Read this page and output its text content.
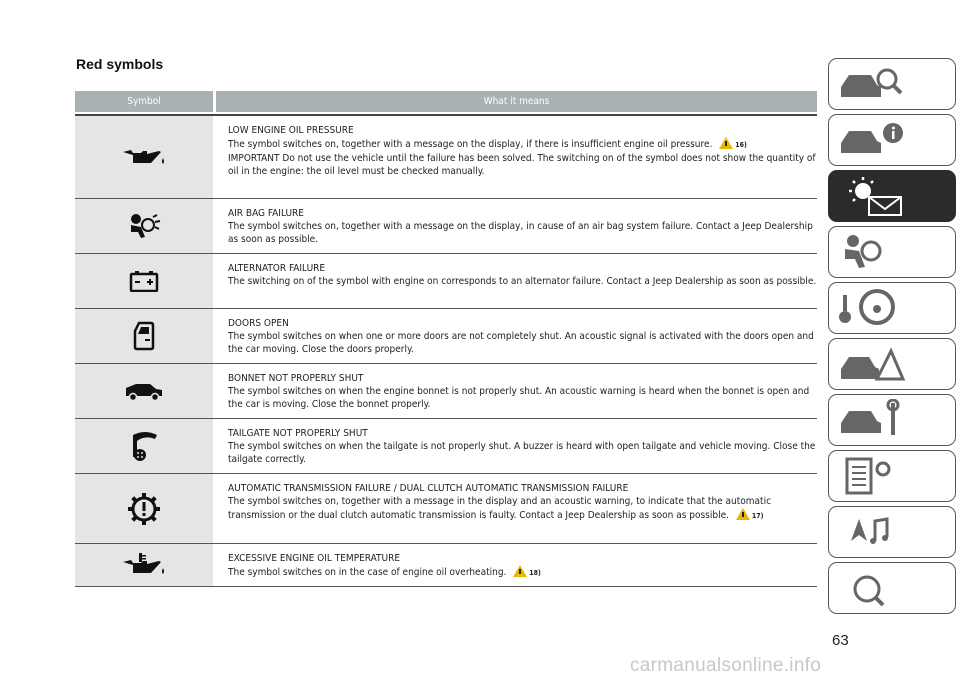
Red symbols
Symbol	What it means
LOW ENGINE OIL PRESSURE
The symbol switches on, together with a message on the display, if there is insufficient engine oil pressure.	16)
IMPORTANT Do not use the vehicle until the failure has been solved. The switching on of the symbol does not show the quantity of oil in the engine: the oil level must be checked manually.
AIR BAG FAILURE
The symbol switches on, together with a message on the display, in cause of an air bag system failure. Contact a Jeep Dealership as soon as possible.
ALTERNATOR FAILURE
The switching on of the symbol with engine on corresponds to an alternator failure. Contact a Jeep Dealership as soon as possible.
DOORS OPEN
The symbol switches on when one or more doors are not completely shut. An acoustic signal is activated with the doors open and the car moving. Close the doors properly.
BONNET NOT PROPERLY SHUT
The symbol switches on when the engine bonnet is not properly shut. An acoustic warning is heard when the bonnet is open and the car is moving. Close the bonnet properly.
TAILGATE NOT PROPERLY SHUT
The symbol switches on when the tailgate is not properly shut. A buzzer is heard with open tailgate and vehicle moving. Close the tailgate correctly.
AUTOMATIC TRANSMISSION FAILURE / DUAL CLUTCH AUTOMATIC TRANSMISSION FAILURE
The symbol switches on, together with a message in the display and an acoustic warning, to indicate that the automatic transmission or the dual clutch automatic transmission is faulty. Contact a Jeep Dealership as soon as possible.	17)
EXCESSIVE ENGINE OIL TEMPERATURE
The symbol switches on in the case of engine oil overheating.	18)
63
carmanualsonline.info
